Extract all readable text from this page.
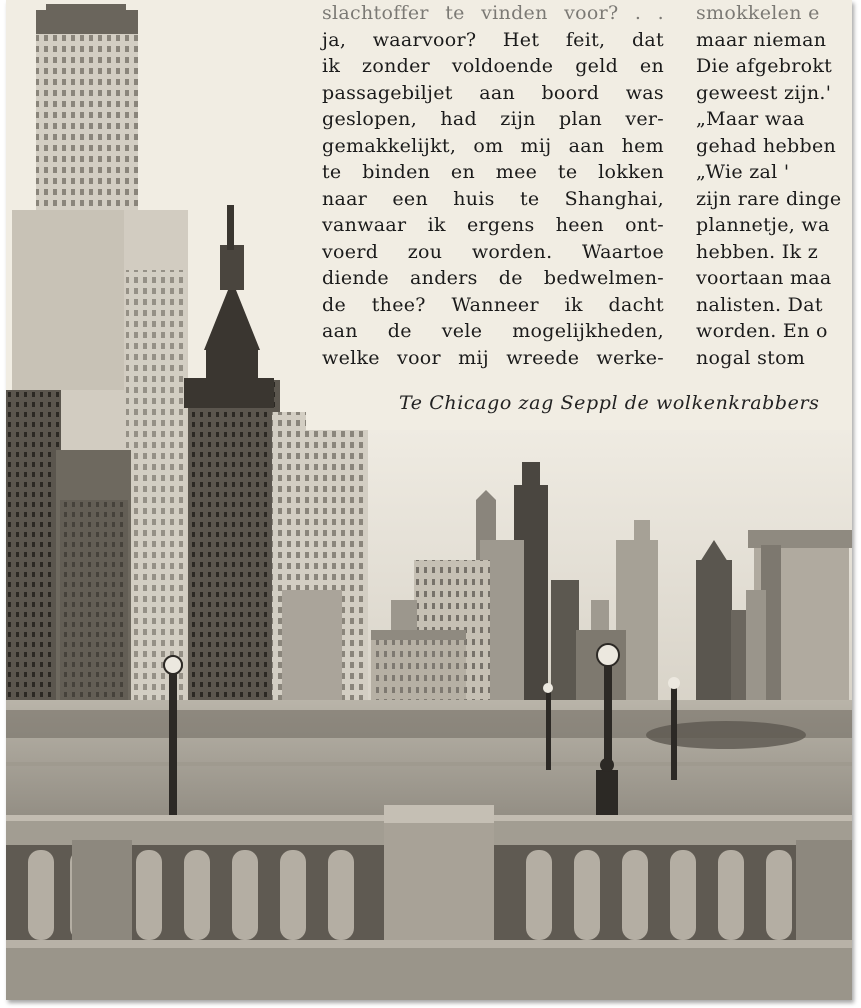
slachtoffer te vinden voor? . .
ja, waarvoor? Het feit, dat
ik zonder voldoende geld en
passagebiljet aan boord was
geslopen, had zijn plan ver-
gemakkelijkt, om mij aan hem
te binden en mee te lokken
naar een huis te Shanghai,
vanwaar ik ergens heen ont-
voerd zou worden. Waartoe
diende anders de bedwelmen-
de thee? Wanneer ik dacht
aan de vele mogelijkheden,
welke voor mij wreede werke-
smokkelen e
maar nieman
Die afgebrokt
geweest zijn.'
„Maar waa
gehad hebben
„Wie zal '
zijn rare dinge
plannetje, wa
hebben. Ik z
voortaan maa
nalisten. Dat
worden. En o
nogal stom
Te Chicago zag Seppl de wolkenkrabbers
